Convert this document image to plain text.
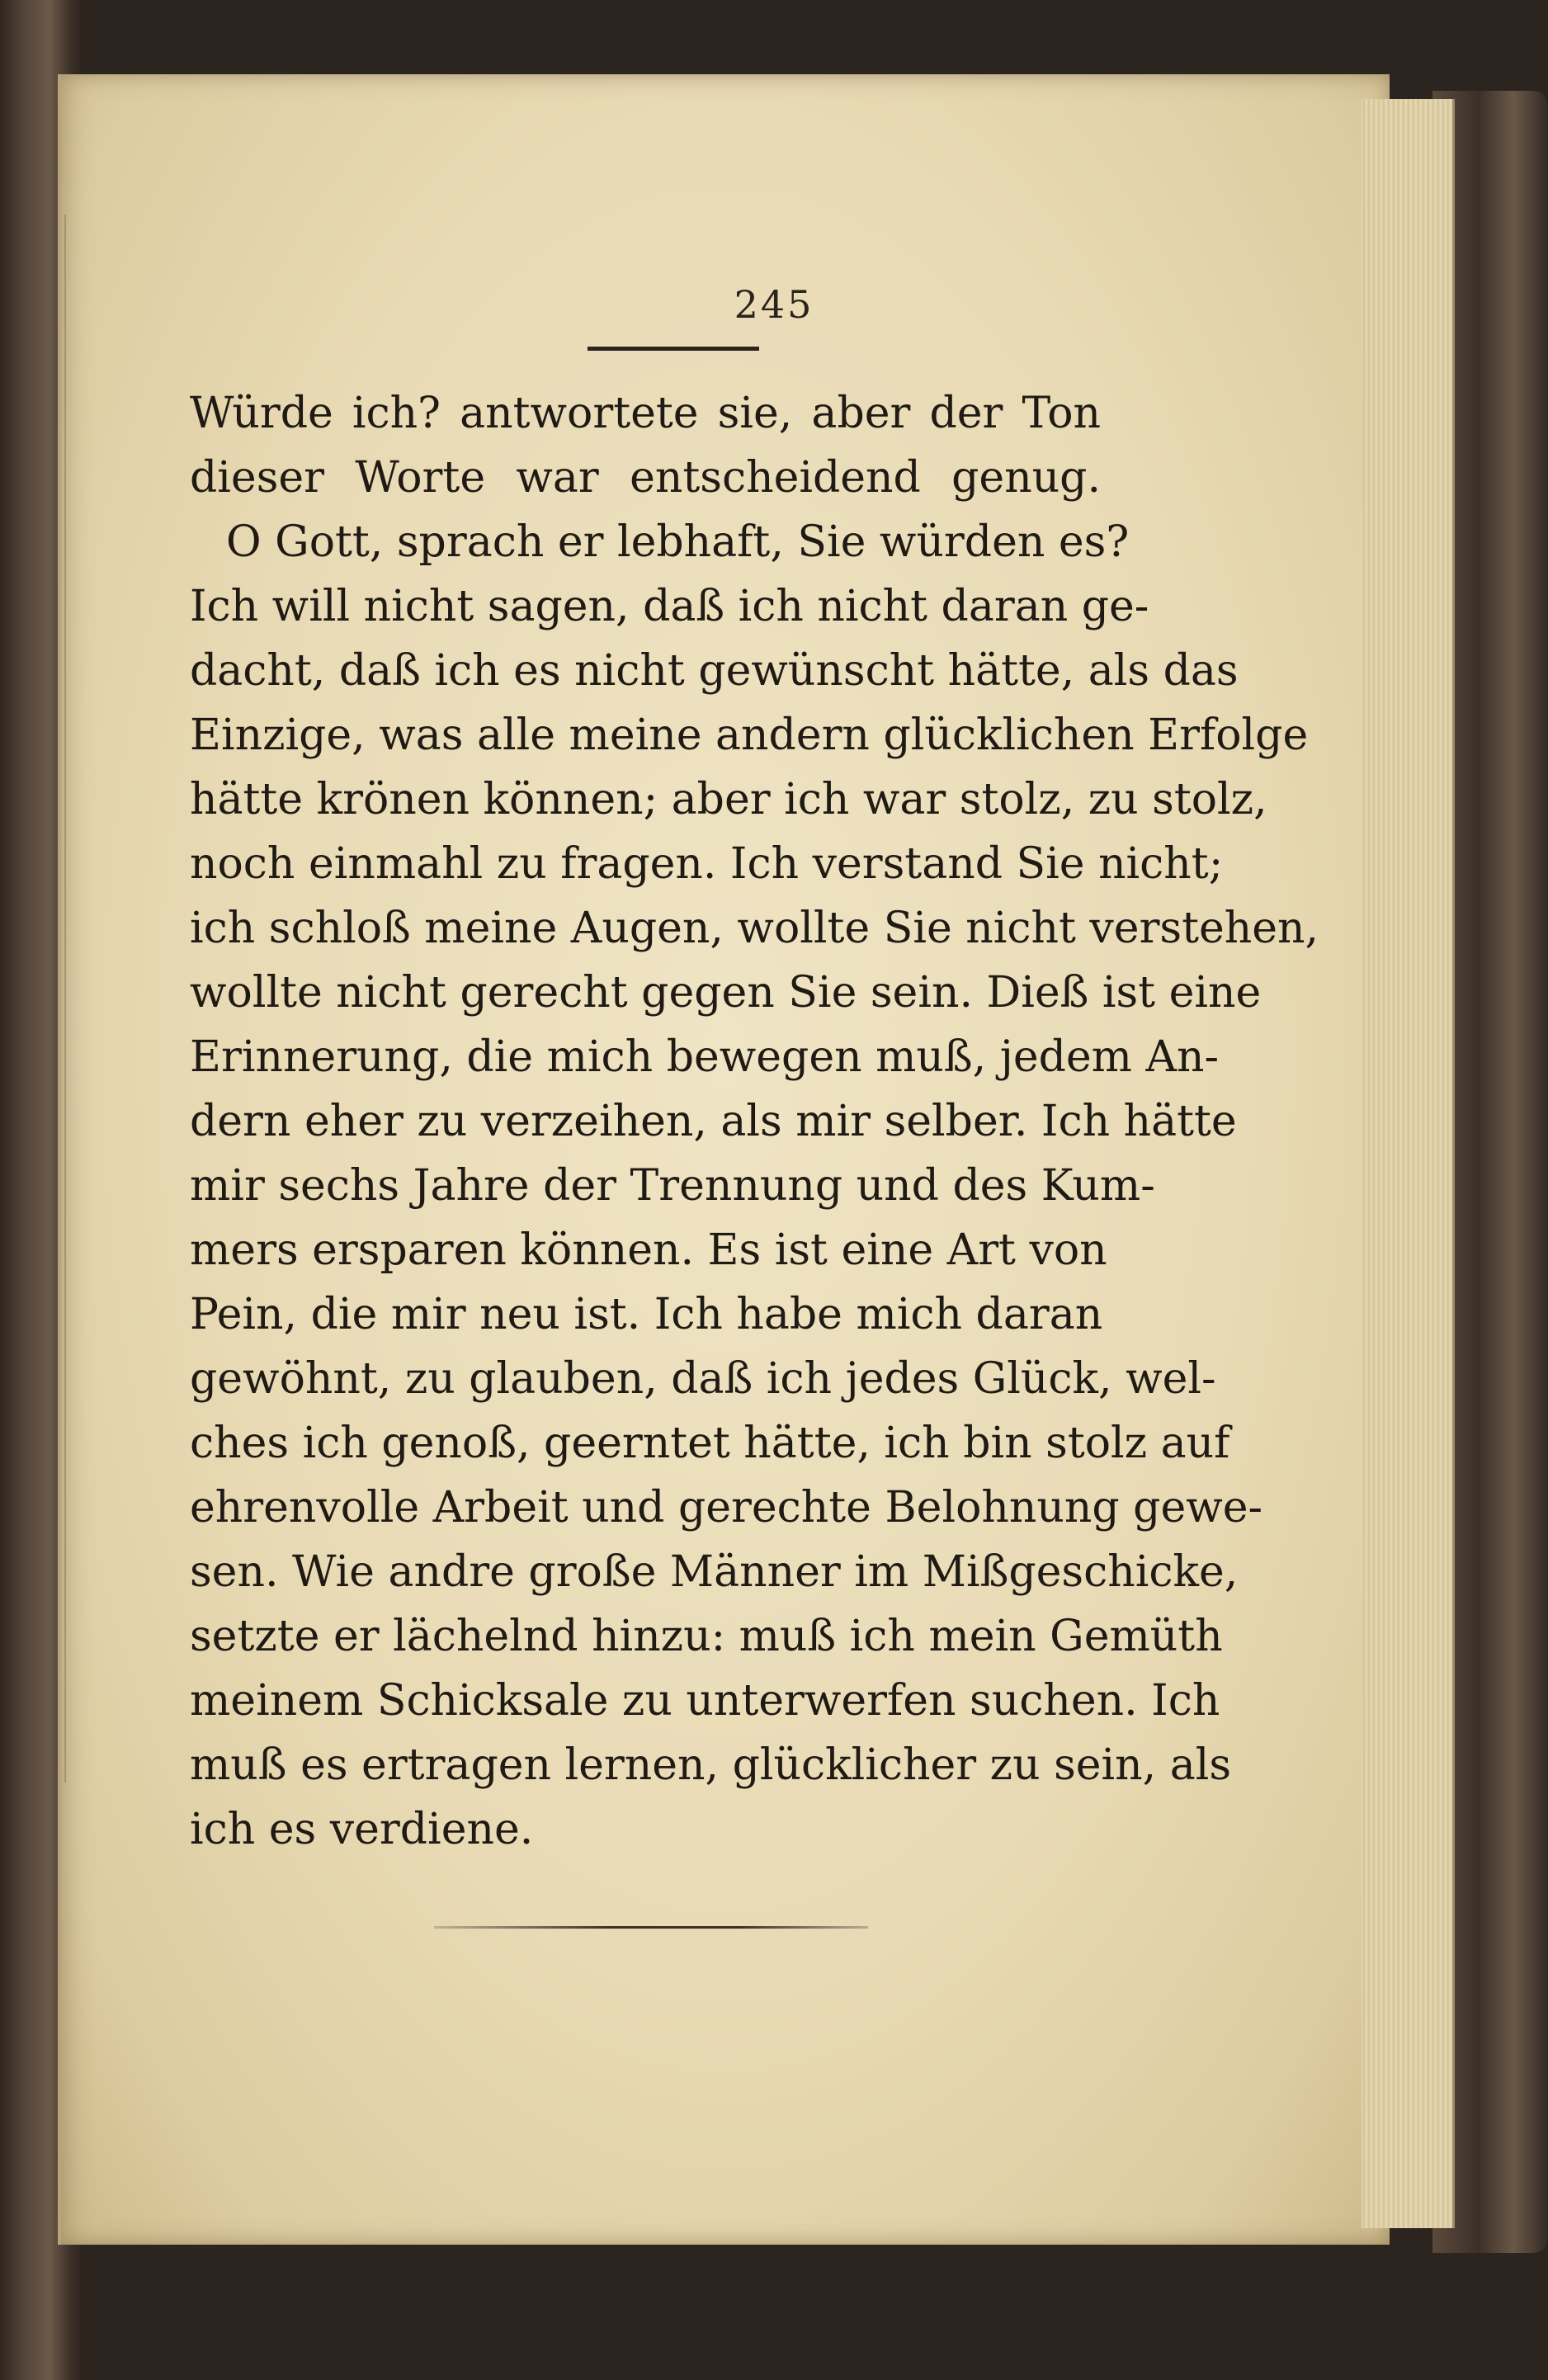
245
Würde ich? antwortete sie, aber der Ton
dieser Worte war entscheidend genug.
O Gott, sprach er lebhaft, Sie würden es?
Ich will nicht sagen, daß ich nicht daran ge-
dacht, daß ich es nicht gewünscht hätte, als das
Einzige, was alle meine andern glücklichen Erfolge
hätte krönen können; aber ich war stolz, zu stolz,
noch einmahl zu fragen. Ich verstand Sie nicht;
ich schloß meine Augen, wollte Sie nicht verstehen,
wollte nicht gerecht gegen Sie sein. Dieß ist eine
Erinnerung, die mich bewegen muß, jedem An-
dern eher zu verzeihen, als mir selber. Ich hätte
mir sechs Jahre der Trennung und des Kum-
mers ersparen können. Es ist eine Art von
Pein, die mir neu ist. Ich habe mich daran
gewöhnt, zu glauben, daß ich jedes Glück, wel-
ches ich genoß, geerntet hätte, ich bin stolz auf
ehrenvolle Arbeit und gerechte Belohnung gewe-
sen. Wie andre große Männer im Mißgeschicke,
setzte er lächelnd hinzu: muß ich mein Gemüth
meinem Schicksale zu unterwerfen suchen. Ich
muß es ertragen lernen, glücklicher zu sein, als
ich es verdiene.
